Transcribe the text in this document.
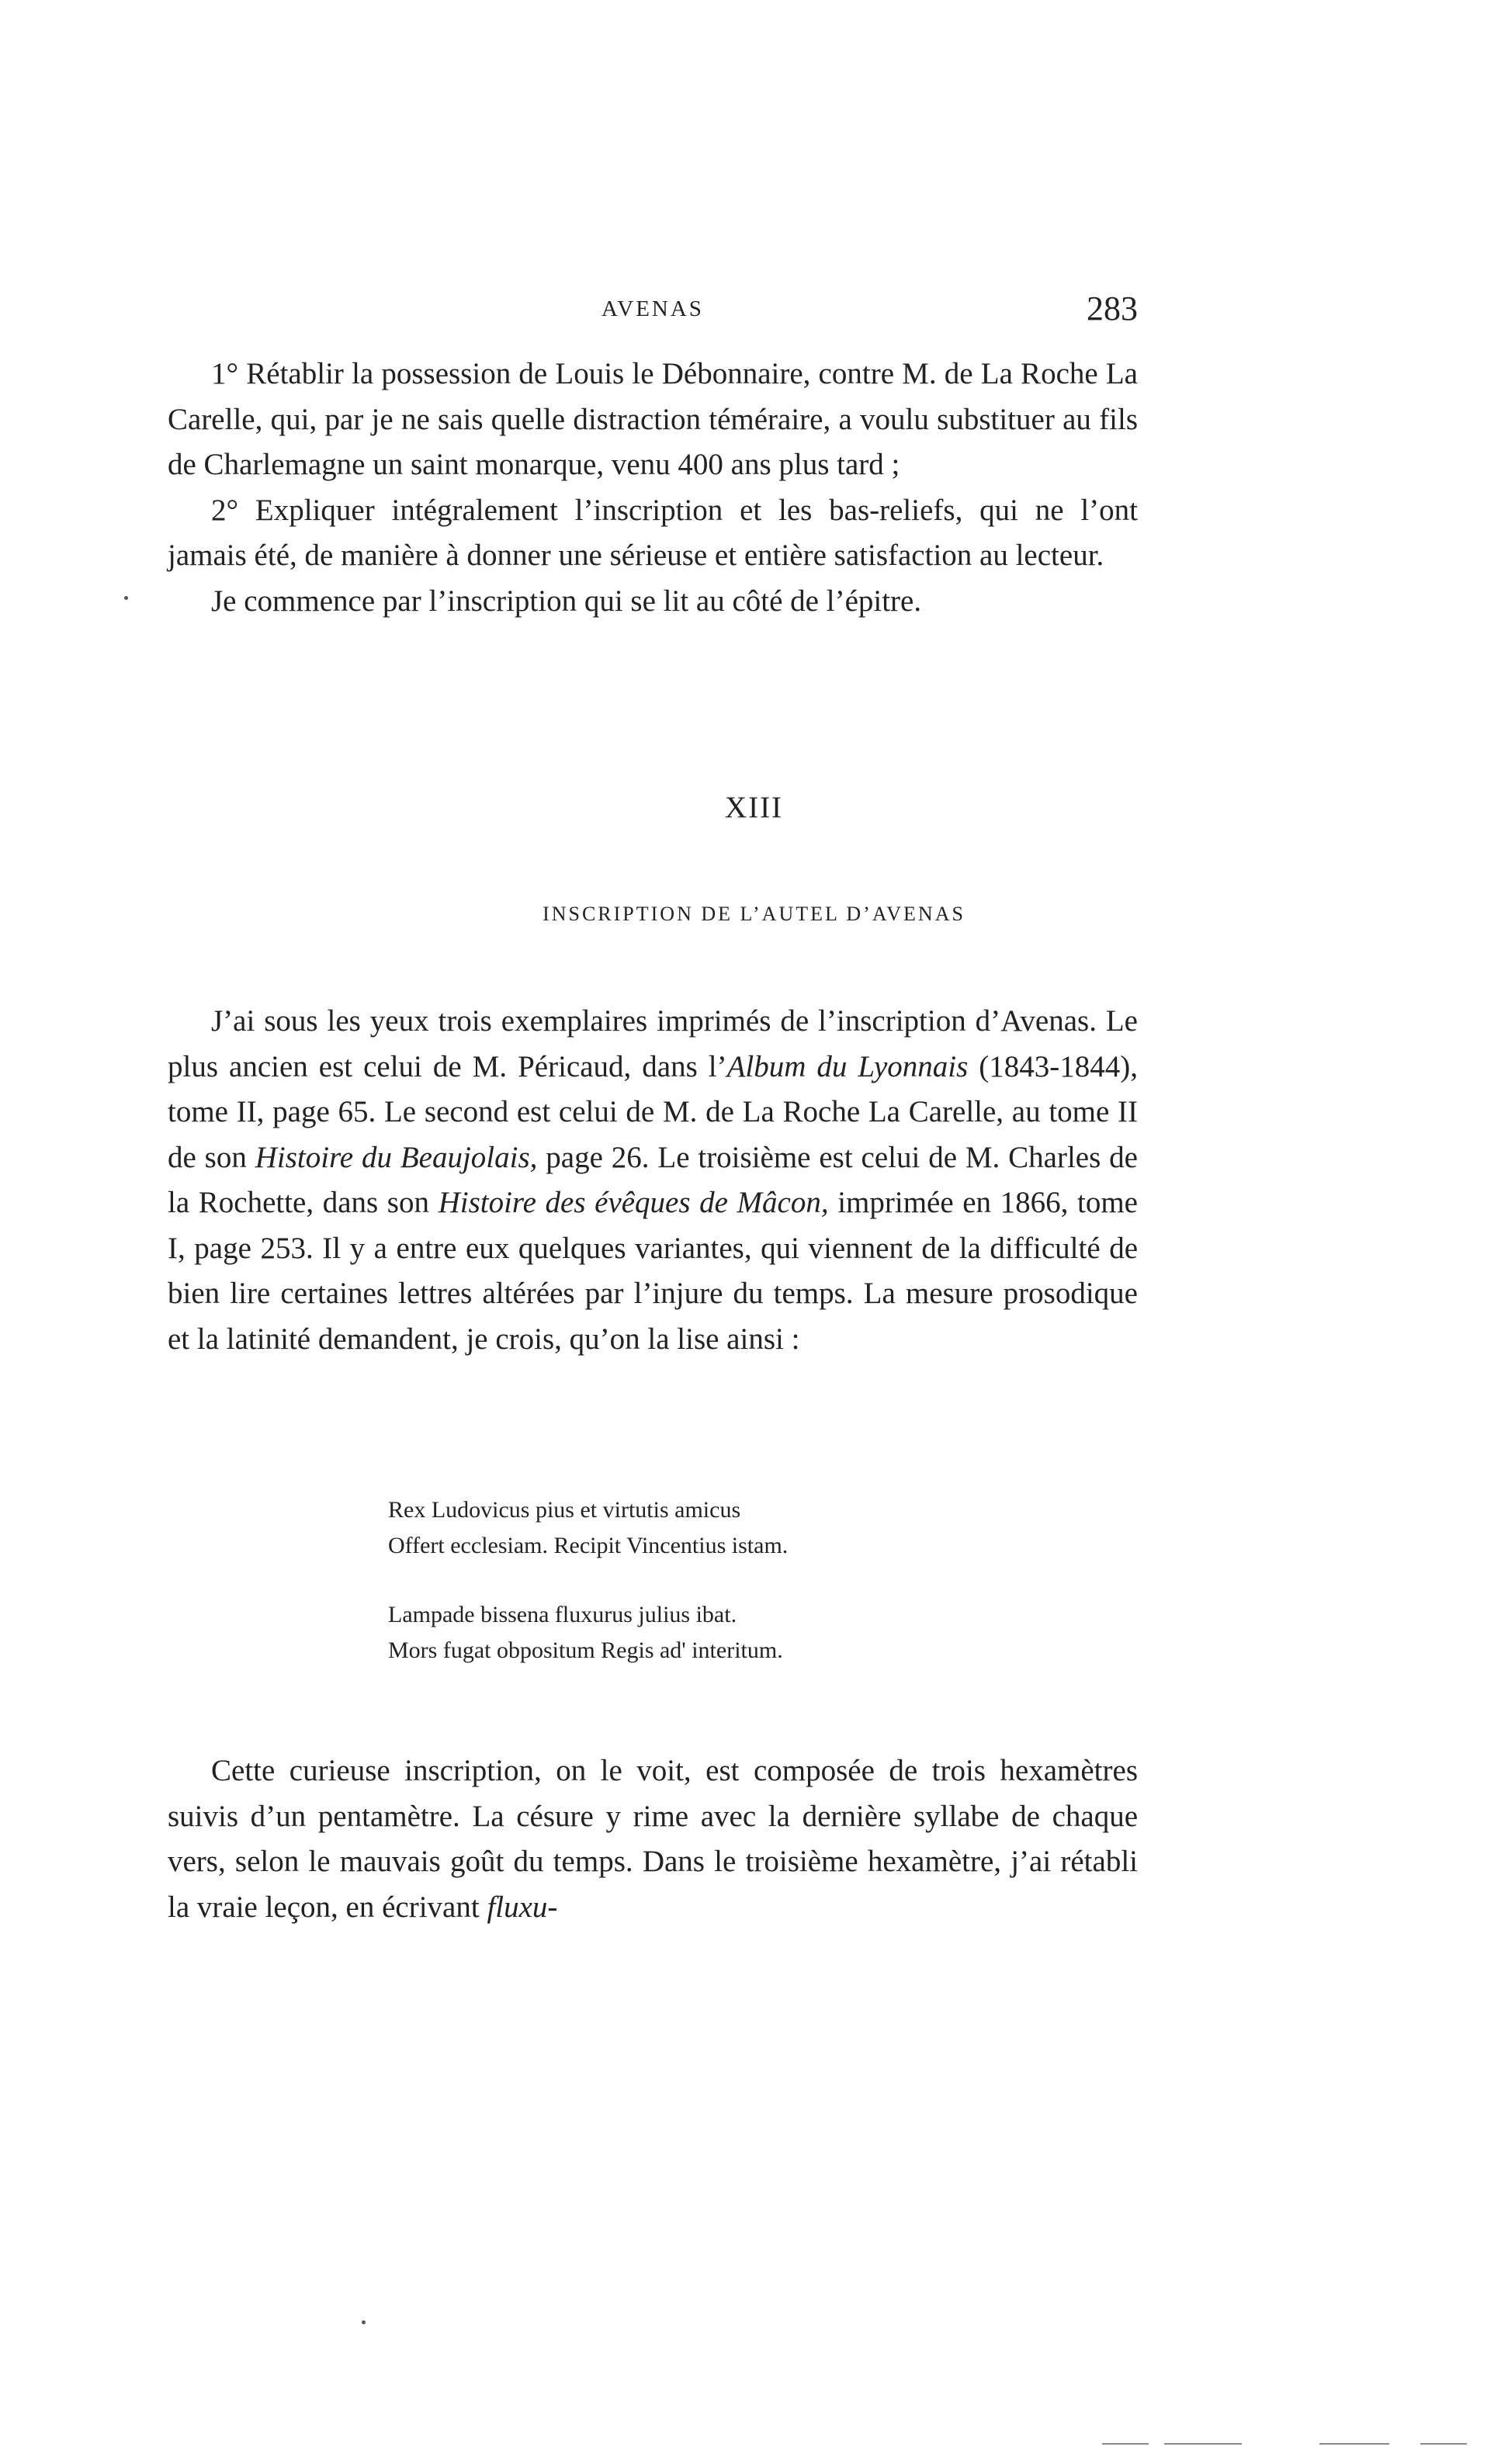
AVENAS	283

1° Rétablir la possession de Louis le Débonnaire, contre M. de La Roche La Carelle, qui, par je ne sais quelle distraction téméraire, a voulu substituer au fils de Charlemagne un saint monarque, venu 400 ans plus tard ;

2° Expliquer intégralement l’inscription et les bas-reliefs, qui ne l’ont jamais été, de manière à donner une sérieuse et entière satisfaction au lecteur.

Je commence par l’inscription qui se lit au côté de l’épitre.

XIII
INSCRIPTION DE L’AUTEL D’AVENAS

J’ai sous les yeux trois exemplaires imprimés de l’inscription d’Avenas. Le plus ancien est celui de M. Péricaud, dans l’Album du Lyonnais (1843-1844), tome II, page 65. Le second est celui de M. de La Roche La Carelle, au tome II de son Histoire du Beaujolais, page 26. Le troisième est celui de M. Charles de la Rochette, dans son Histoire des évêques de Mâcon, imprimée en 1866, tome I, page 253. Il y a entre eux quelques variantes, qui viennent de la difficulté de bien lire certaines lettres altérées par l’injure du temps. La mesure prosodique et la latinité demandent, je crois, qu’on la lise ainsi :

Rex Ludovicus pius et virtutis amicus
Offert ecclesiam. Recipit Vincentius istam.
Lampade bissena fluxurus julius ibat.
Mors fugat obpositum Regis ad' interitum.

Cette curieuse inscription, on le voit, est composée de trois hexamètres suivis d’un pentamètre. La césure y rime avec la dernière syllabe de chaque vers, selon le mauvais goût du temps. Dans le troisième hexamètre, j’ai rétabli la vraie leçon, en écrivant fluxu-
